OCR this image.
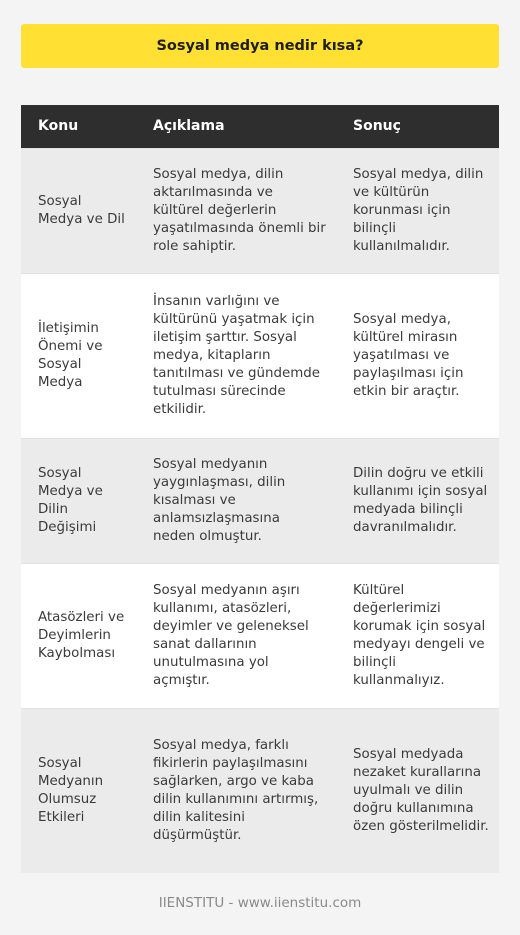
Sosyal medya nedir kısa?
Konu	Açıklama	Sonuç
Sosyal Medya ve Dil	Sosyal medya, dilin aktarılmasında ve kültürel değerlerin yaşatılmasında önemli bir role sahiptir.	Sosyal medya, dilin ve kültürün korunması için bilinçli kullanılmalıdır.
İletişimin Önemi ve Sosyal Medya	İnsanın varlığını ve kültürünü yaşatmak için iletişim şarttır. Sosyal medya, kitapların tanıtılması ve gündemde tutulması sürecinde etkilidir.	Sosyal medya, kültürel mirasın yaşatılması ve paylaşılması için etkin bir araçtır.
Sosyal Medya ve Dilin Değişimi	Sosyal medyanın yaygınlaşması, dilin kısalması ve anlamsızlaşmasına neden olmuştur.	Dilin doğru ve etkili kullanımı için sosyal medyada bilinçli davranılmalıdır.
Atasözleri ve Deyimlerin Kaybolması	Sosyal medyanın aşırı kullanımı, atasözleri, deyimler ve geleneksel sanat dallarının unutulmasına yol açmıştır.	Kültürel değerlerimizi korumak için sosyal medyayı dengeli ve bilinçli kullanmalıyız.
Sosyal Medyanın Olumsuz Etkileri	Sosyal medya, farklı fikirlerin paylaşılmasını sağlarken, argo ve kaba dilin kullanımını artırmış, dilin kalitesini düşürmüştür.	Sosyal medyada nezaket kurallarına uyulmalı ve dilin doğru kullanımına özen gösterilmelidir.
IIENSTITU - www.iienstitu.com
